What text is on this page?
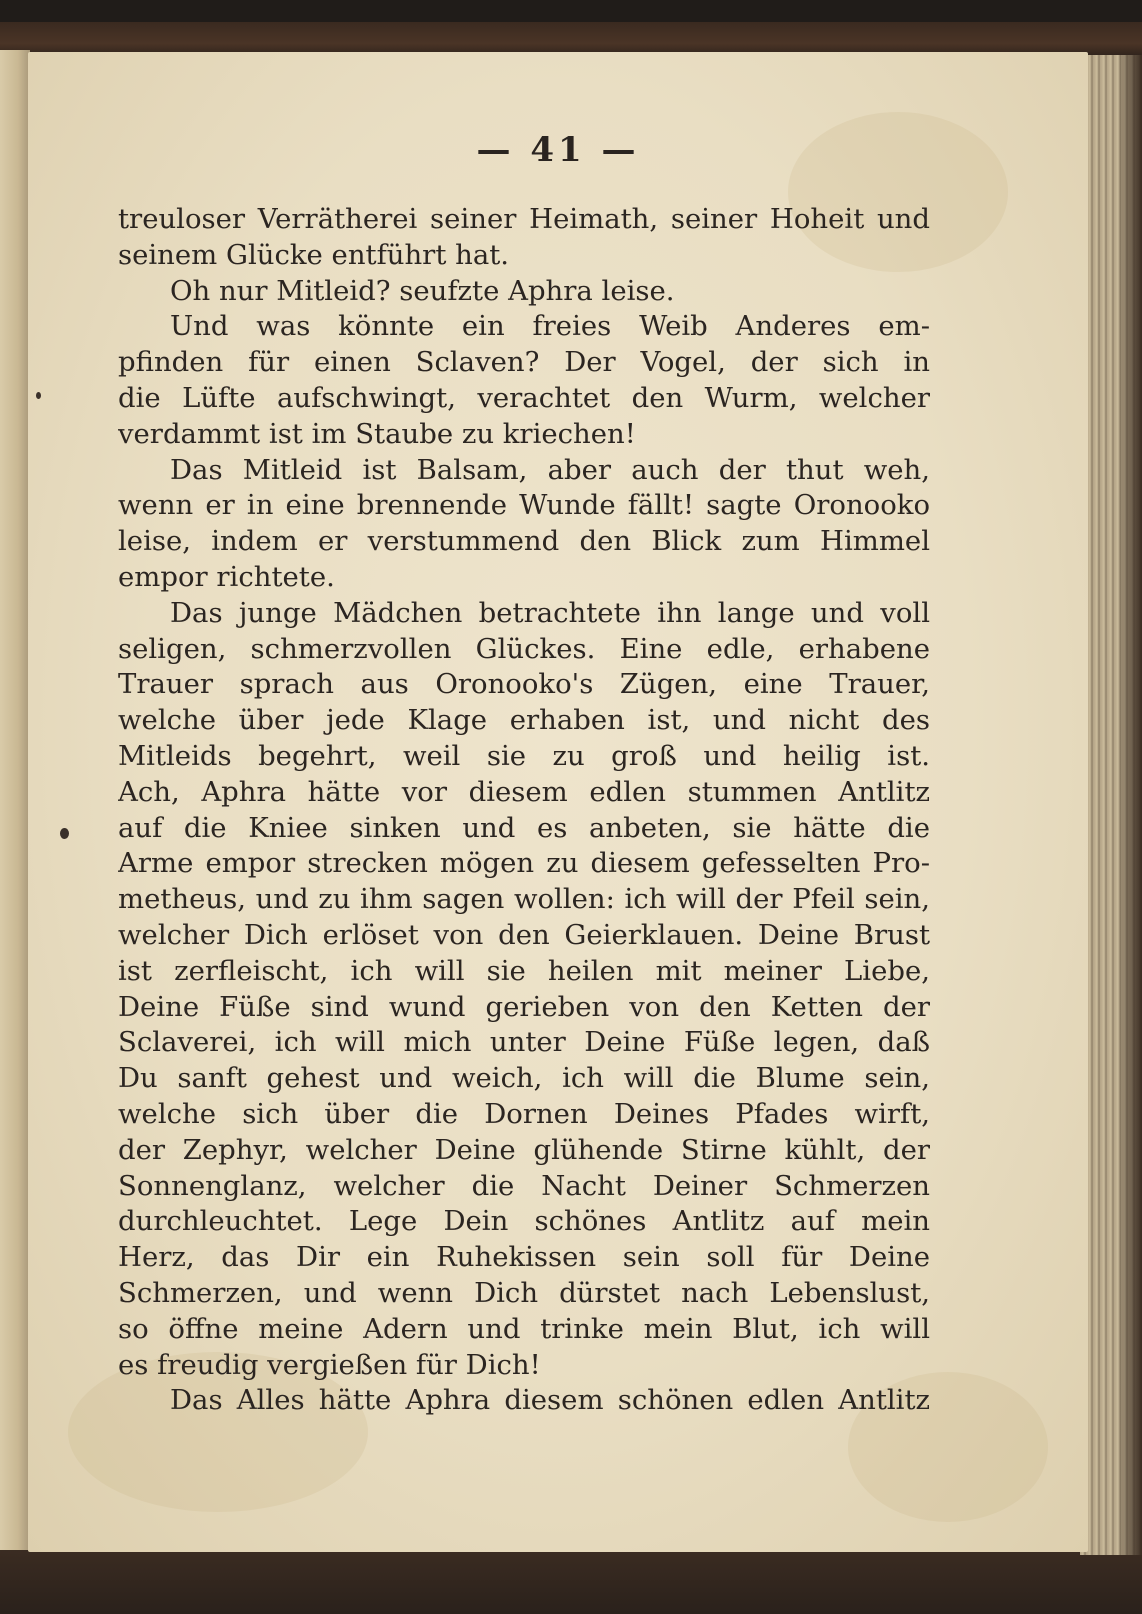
— 41 —
treuloser Verrätherei seiner Heimath, seiner Hoheit und
seinem Glücke entführt hat.
Oh nur Mitleid? seufzte Aphra leise.
Und was könnte ein freies Weib Anderes em-
pfinden für einen Sclaven? Der Vogel, der sich in
die Lüfte aufschwingt, verachtet den Wurm, welcher
verdammt ist im Staube zu kriechen!
Das Mitleid ist Balsam, aber auch der thut weh,
wenn er in eine brennende Wunde fällt! sagte Oronooko
leise, indem er verstummend den Blick zum Himmel
empor richtete.
Das junge Mädchen betrachtete ihn lange und voll
seligen, schmerzvollen Glückes. Eine edle, erhabene
Trauer sprach aus Oronooko's Zügen, eine Trauer,
welche über jede Klage erhaben ist, und nicht des
Mitleids begehrt, weil sie zu groß und heilig ist.
Ach, Aphra hätte vor diesem edlen stummen Antlitz
auf die Kniee sinken und es anbeten, sie hätte die
Arme empor strecken mögen zu diesem gefesselten Pro-
metheus, und zu ihm sagen wollen: ich will der Pfeil sein,
welcher Dich erlöset von den Geierklauen. Deine Brust
ist zerfleischt, ich will sie heilen mit meiner Liebe,
Deine Füße sind wund gerieben von den Ketten der
Sclaverei, ich will mich unter Deine Füße legen, daß
Du sanft gehest und weich, ich will die Blume sein,
welche sich über die Dornen Deines Pfades wirft,
der Zephyr, welcher Deine glühende Stirne kühlt, der
Sonnenglanz, welcher die Nacht Deiner Schmerzen
durchleuchtet. Lege Dein schönes Antlitz auf mein
Herz, das Dir ein Ruhekissen sein soll für Deine
Schmerzen, und wenn Dich dürstet nach Lebenslust,
so öffne meine Adern und trinke mein Blut, ich will
es freudig vergießen für Dich!
Das Alles hätte Aphra diesem schönen edlen Antlitz
